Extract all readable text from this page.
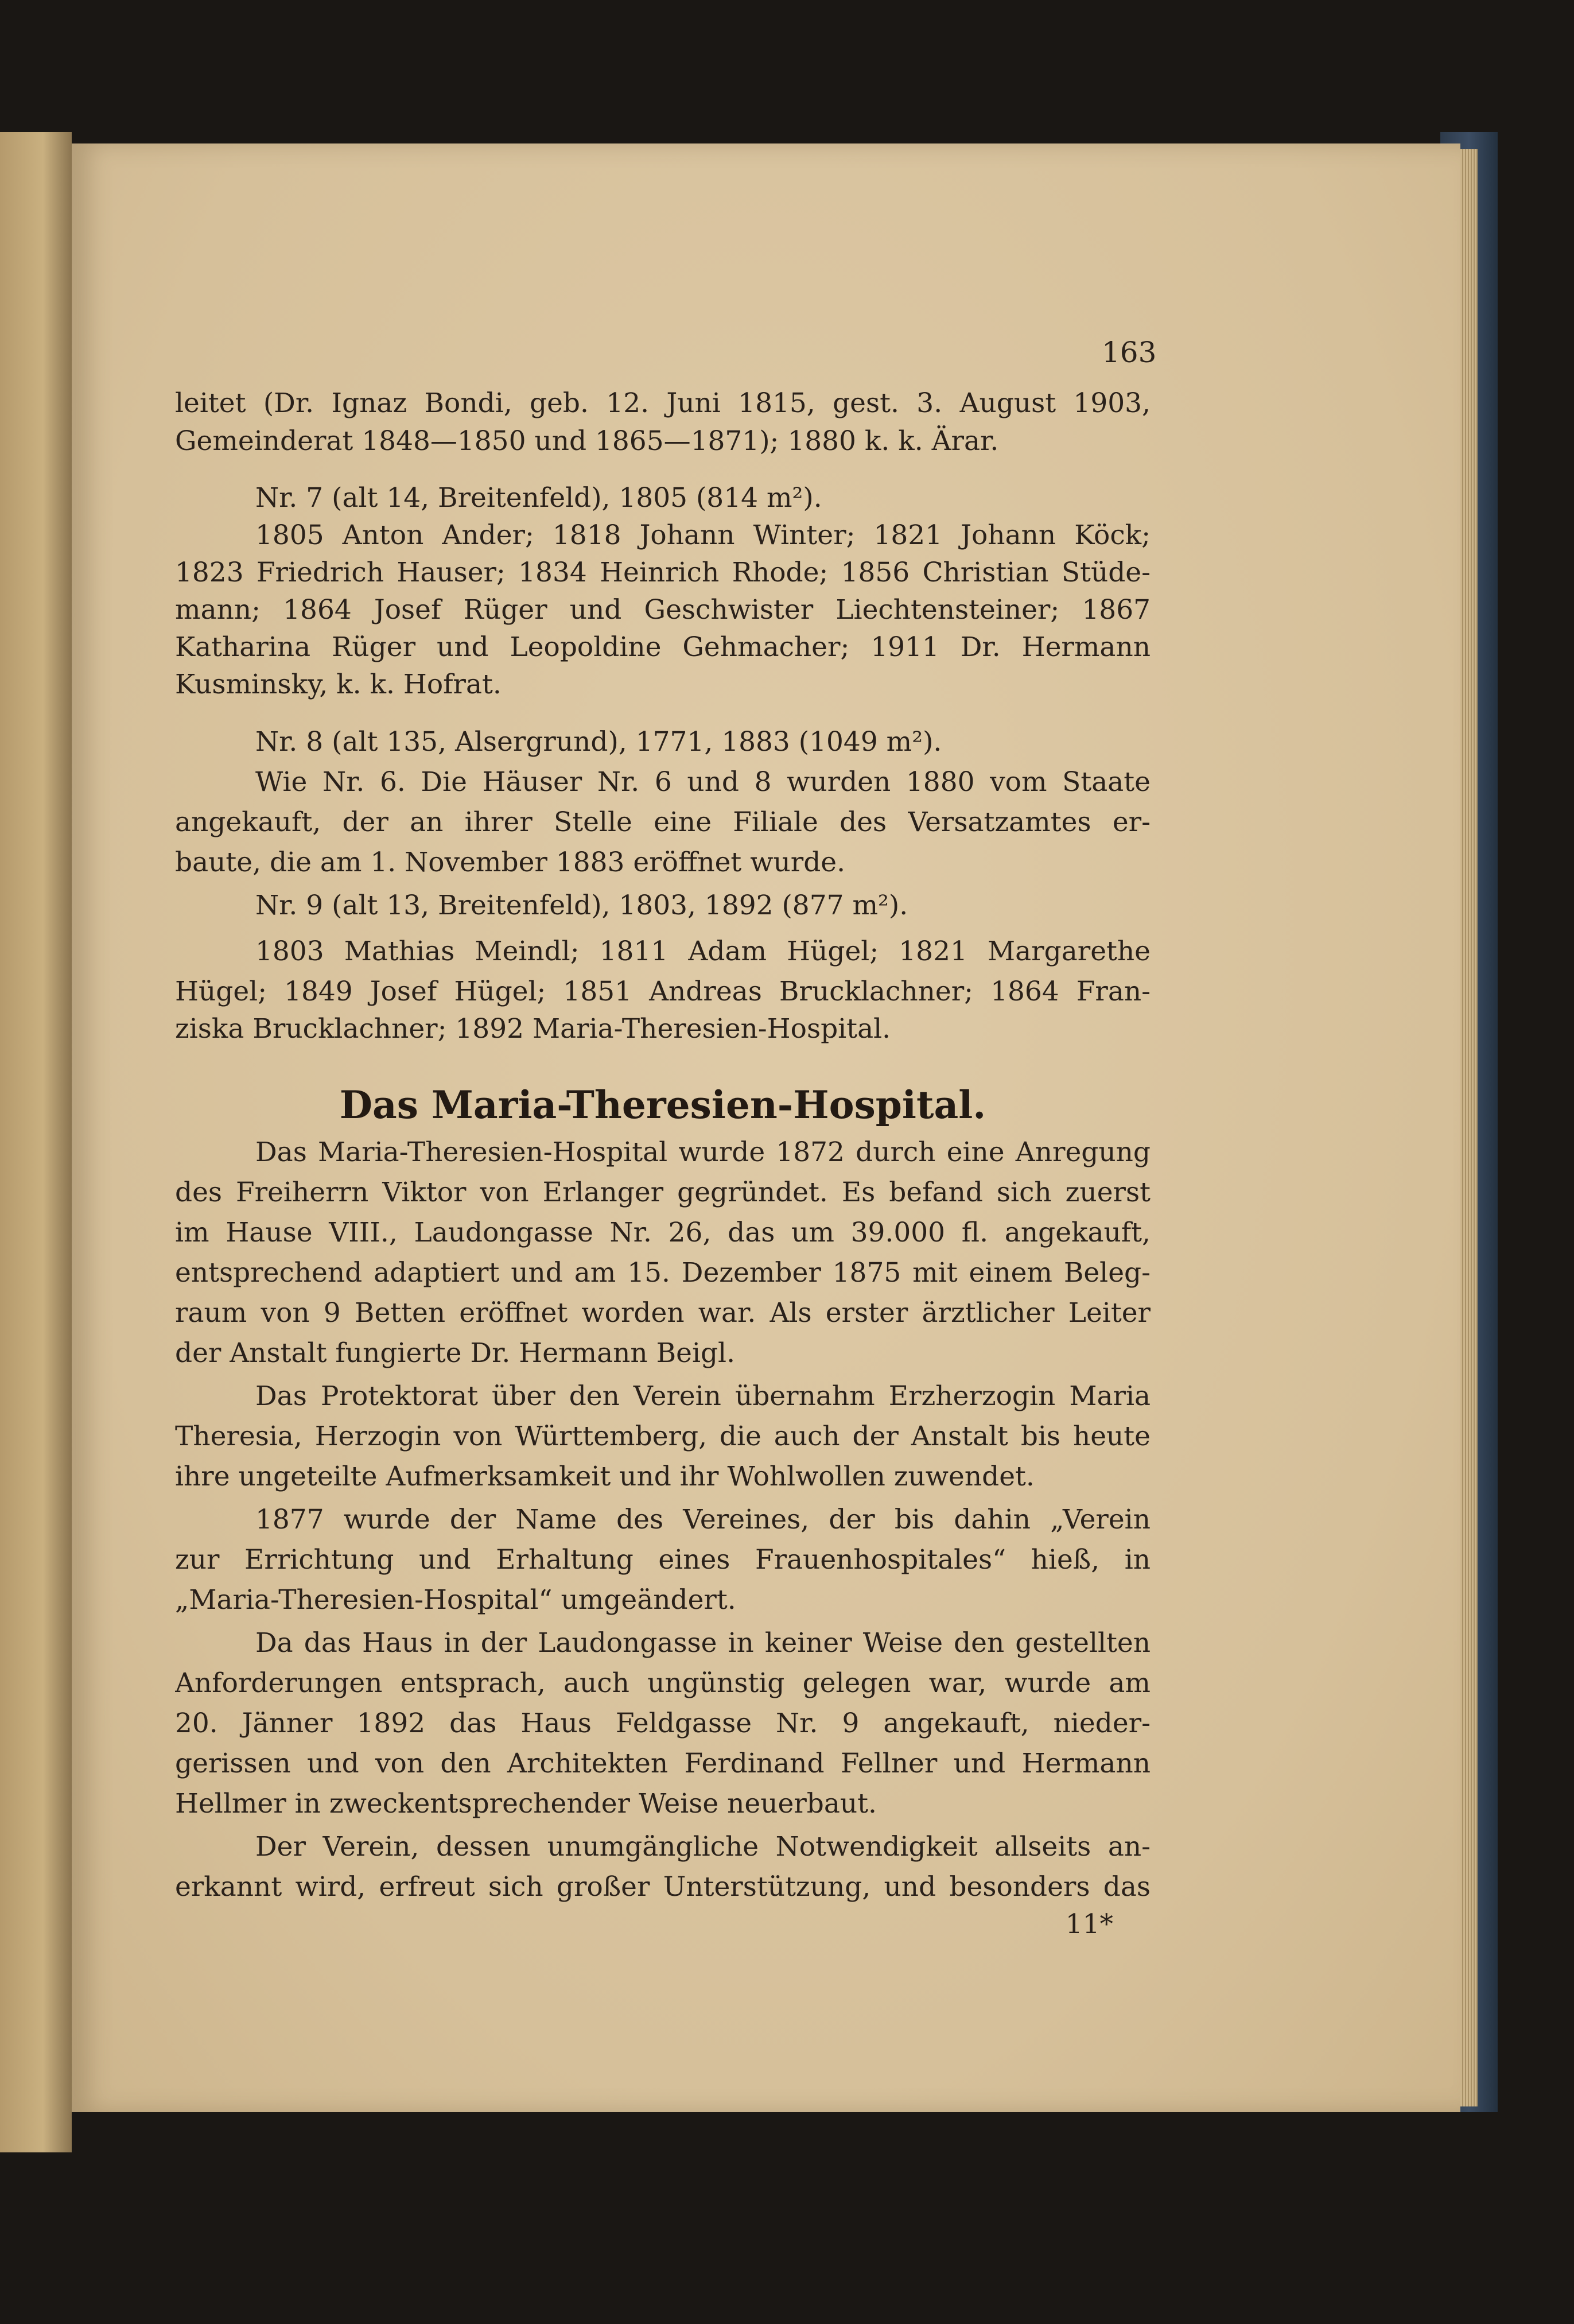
163
leitet (Dr. Ignaz Bondi, geb. 12. Juni 1815, gest. 3. August 1903,
Gemeinderat 1848—1850 und 1865—1871); 1880 k. k. Ärar.
Nr. 7 (alt 14, Breitenfeld), 1805 (814 m²).
1805 Anton Ander; 1818 Johann Winter; 1821 Johann Köck;
1823 Friedrich Hauser; 1834 Heinrich Rhode; 1856 Christian Stüde-
mann; 1864 Josef Rüger und Geschwister Liechtensteiner; 1867
Katharina Rüger und Leopoldine Gehmacher; 1911 Dr. Hermann
Kusminsky, k. k. Hofrat.
Nr. 8 (alt 135, Alsergrund), 1771, 1883 (1049 m²).
Wie Nr. 6. Die Häuser Nr. 6 und 8 wurden 1880 vom Staate
angekauft, der an ihrer Stelle eine Filiale des Versatzamtes er-
baute, die am 1. November 1883 eröffnet wurde.
Nr. 9 (alt 13, Breitenfeld), 1803, 1892 (877 m²).
1803 Mathias Meindl; 1811 Adam Hügel; 1821 Margarethe
Hügel; 1849 Josef Hügel; 1851 Andreas Brucklachner; 1864 Fran-
ziska Brucklachner; 1892 Maria-Theresien-Hospital.
Das Maria-Theresien-Hospital.
Das Maria-Theresien-Hospital wurde 1872 durch eine Anregung
des Freiherrn Viktor von Erlanger gegründet. Es befand sich zuerst
im Hause VIII., Laudongasse Nr. 26, das um 39.000 fl. angekauft,
entsprechend adaptiert und am 15. Dezember 1875 mit einem Beleg-
raum von 9 Betten eröffnet worden war. Als erster ärztlicher Leiter
der Anstalt fungierte Dr. Hermann Beigl.
Das Protektorat über den Verein übernahm Erzherzogin Maria
Theresia, Herzogin von Württemberg, die auch der Anstalt bis heute
ihre ungeteilte Aufmerksamkeit und ihr Wohlwollen zuwendet.
1877 wurde der Name des Vereines, der bis dahin „Verein
zur Errichtung und Erhaltung eines Frauenhospitales“ hieß, in
„Maria-Theresien-Hospital“ umgeändert.
Da das Haus in der Laudongasse in keiner Weise den gestellten
Anforderungen entsprach, auch ungünstig gelegen war, wurde am
20. Jänner 1892 das Haus Feldgasse Nr. 9 angekauft, nieder-
gerissen und von den Architekten Ferdinand Fellner und Hermann
Hellmer in zweckentsprechender Weise neuerbaut.
Der Verein, dessen unumgängliche Notwendigkeit allseits an-
erkannt wird, erfreut sich großer Unterstützung, und besonders das
11*
